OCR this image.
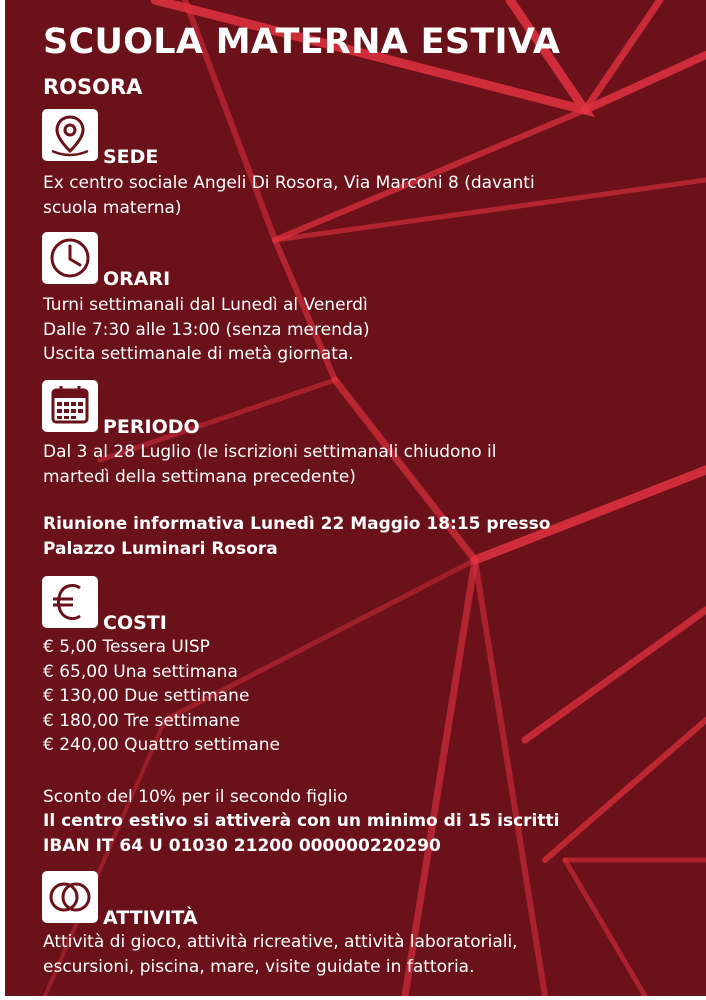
SCUOLA MATERNA ESTIVA
ROSORA
SEDE
Ex centro sociale Angeli Di Rosora, Via Marconi 8 (davanti
scuola materna)
ORARI
Turni settimanali dal Lunedì al Venerdì
Dalle 7:30 alle 13:00 (senza merenda)
Uscita settimanale di metà giornata.
PERIODO
Dal 3 al 28 Luglio (le iscrizioni settimanali chiudono il
martedì della settimana precedente)
Riunione informativa Lunedì 22 Maggio 18:15 presso
Palazzo Luminari Rosora
COSTI
€ 5,00 Tessera UISP
€ 65,00 Una settimana
€ 130,00 Due settimane
€ 180,00 Tre settimane
€ 240,00 Quattro settimane
Sconto del 10% per il secondo figlio
Il centro estivo si attiverà con un minimo di 15 iscritti
IBAN IT 64 U 01030 21200 000000220290
ATTIVITÀ
Attività di gioco, attività ricreative, attività laboratoriali,
escursioni, piscina, mare, visite guidate in fattoria.
